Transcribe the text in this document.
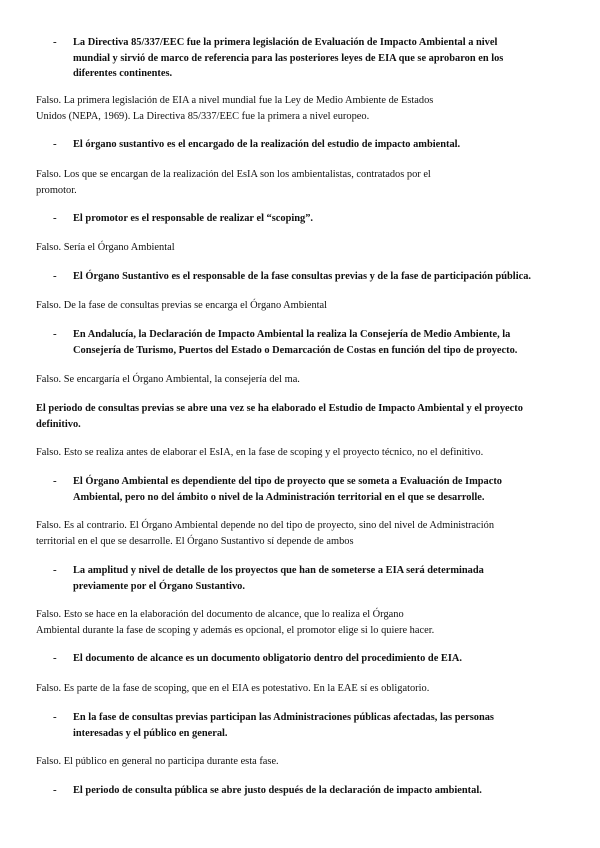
- La Directiva 85/337/EEC fue la primera legislación de Evaluación de Impacto Ambiental a nivel
mundial y sirvió de marco de referencia para las posteriores leyes de EIA que se aprobaron en los
diferentes continentes.
Falso. La primera legislación de EIA a nivel mundial fue la Ley de Medio Ambiente de Estados
Unidos (NEPA, 1969). La Directiva 85/337/EEC fue la primera a nivel europeo.
- El órgano sustantivo es el encargado de la realización del estudio de impacto ambiental.
Falso. Los que se encargan de la realización del EsIA son los ambientalistas, contratados por el
promotor.
- El promotor es el responsable de realizar el “scoping”.
Falso. Sería el Órgano Ambiental
- El Órgano Sustantivo es el responsable de la fase consultas previas y de la fase de participación pública.
Falso. De la fase de consultas previas se encarga el Órgano Ambiental
- En Andalucía, la Declaración de Impacto Ambiental la realiza la Consejería de Medio Ambiente, la
Consejería de Turismo, Puertos del Estado o Demarcación de Costas en función del tipo de proyecto.
Falso. Se encargaría el Órgano Ambiental, la consejería del ma.
El periodo de consultas previas se abre una vez se ha elaborado el Estudio de Impacto Ambiental y el proyecto
definitivo.
Falso. Esto se realiza antes de elaborar el EsIA, en la fase de scoping y el proyecto técnico, no el definitivo.
- El Órgano Ambiental es dependiente del tipo de proyecto que se someta a Evaluación de Impacto
Ambiental, pero no del ámbito o nivel de la Administración territorial en el que se desarrolle.
Falso. Es al contrario. El Órgano Ambiental depende no del tipo de proyecto, sino del nivel de Administración
territorial en el que se desarrolle. El Órgano Sustantivo sí depende de ambos
- La amplitud y nivel de detalle de los proyectos que han de someterse a EIA será determinada
previamente por el Órgano Sustantivo.
Falso. Esto se hace en la elaboración del documento de alcance, que lo realiza el Órgano
Ambiental durante la fase de scoping y además es opcional, el promotor elige si lo quiere hacer.
- El documento de alcance es un documento obligatorio dentro del procedimiento de EIA.
Falso. Es parte de la fase de scoping, que en el EIA es potestativo. En la EAE sí es obligatorio.
- En la fase de consultas previas participan las Administraciones públicas afectadas, las personas
interesadas y el público en general.
Falso. El público en general no participa durante esta fase.
- El periodo de consulta pública se abre justo después de la declaración de impacto ambiental.
